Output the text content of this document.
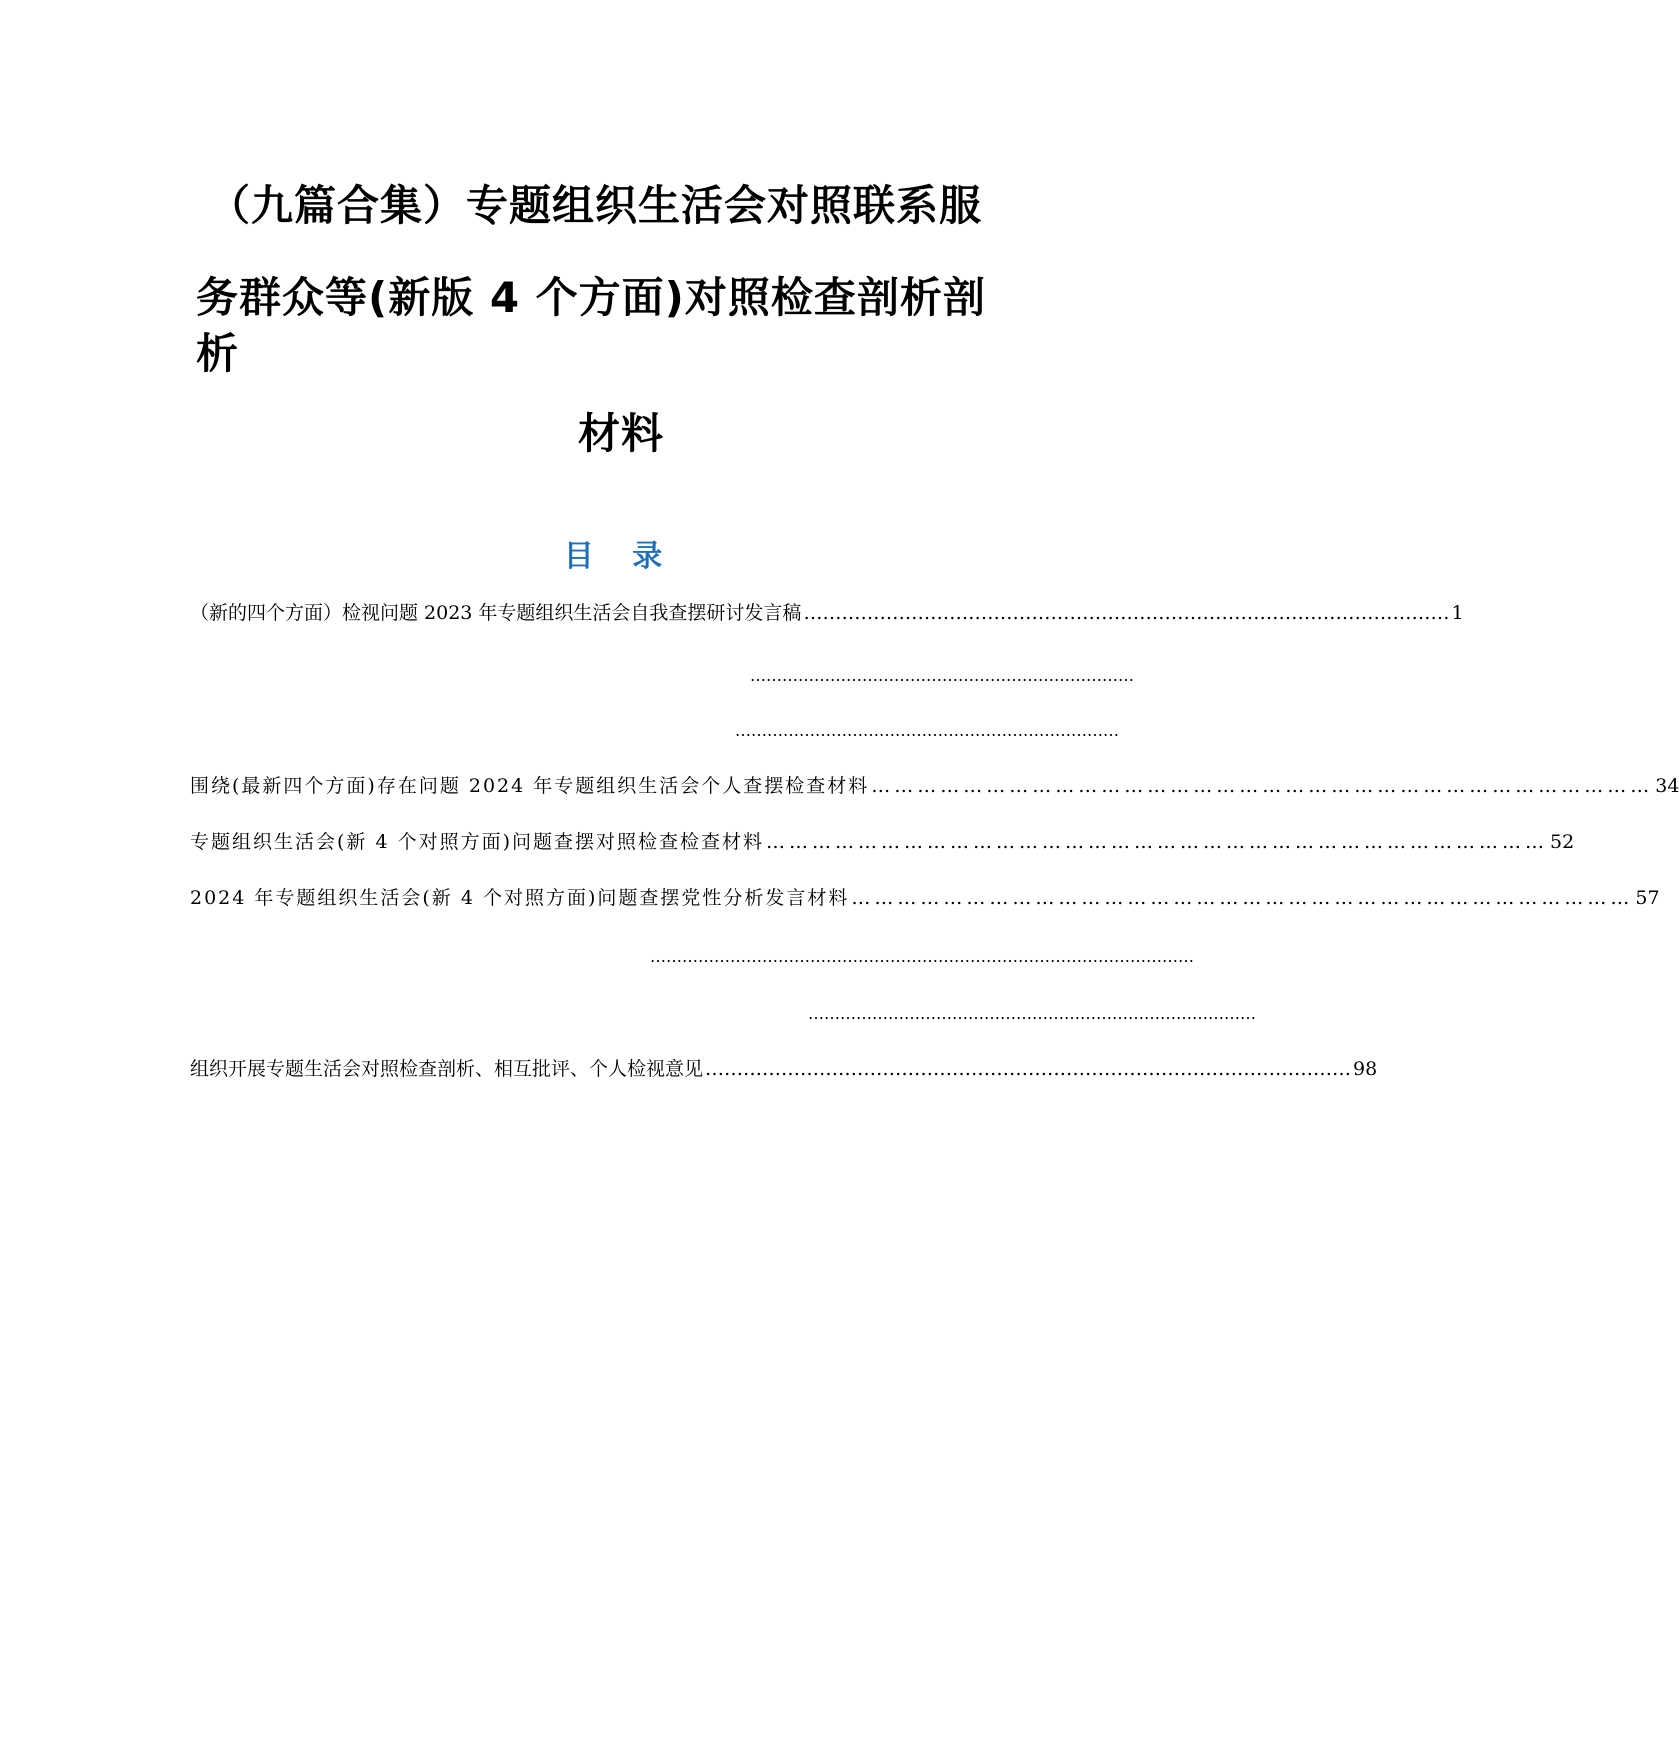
（九篇合集）专题组织生活会对照联系服
务群众等(新版 4 个方面)对照检查剖析剖
析
材料
目 录
（新的四个方面）检视问题 2023 年专题组织生活会自我查摆研讨发言稿 ………………………………………………………………………………………… 1
………………………………………………………………
………………………………………………………………
围绕(最新四个方面)存在问题 2024 年专题组织生活会个人查摆检查材料 ………………………………………………………………………………………… 34
专题组织生活会(新 4 个对照方面)问题查摆对照检查检查材料 ………………………………………………………………………………………… 52
2024 年专题组织生活会(新 4 个对照方面)问题查摆党性分析发言材料 ………………………………………………………………………………………… 57
…………………………………………………………………………………………
…………………………………………………………………………
组织开展专题生活会对照检查剖析、相互批评、个人检视意见 ………………………………………………………………………………………… 98
